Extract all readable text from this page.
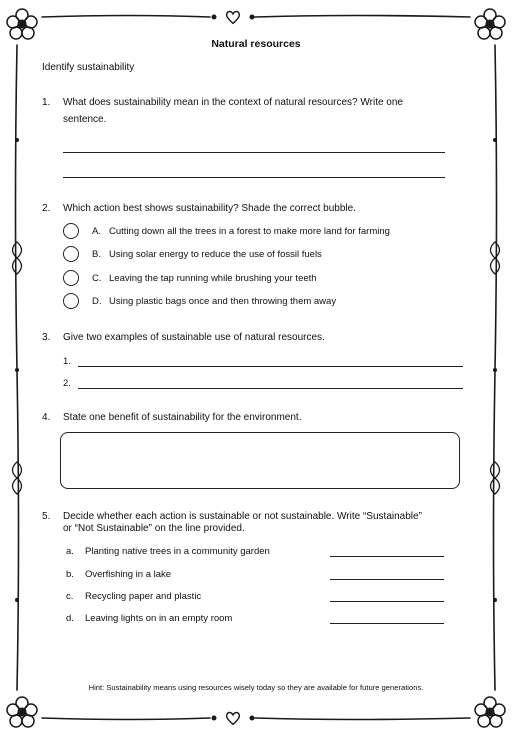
Natural resources
Identify sustainability
1. What does sustainability mean in the context of natural resources? Write one
sentence.
2. Which action best shows sustainability? Shade the correct bubble.
A. Cutting down all the trees in a forest to make more land for farming
B. Using solar energy to reduce the use of fossil fuels
C. Leaving the tap running while brushing your teeth
D. Using plastic bags once and then throwing them away
3. Give two examples of sustainable use of natural resources.
1.
2.
4. State one benefit of sustainability for the environment.
5. Decide whether each action is sustainable or not sustainable. Write “Sustainable”
or “Not Sustainable” on the line provided.
a. Planting native trees in a community garden
b. Overfishing in a lake
c. Recycling paper and plastic
d. Leaving lights on in an empty room
Hint: Sustainability means using resources wisely today so they are available for future generations.
